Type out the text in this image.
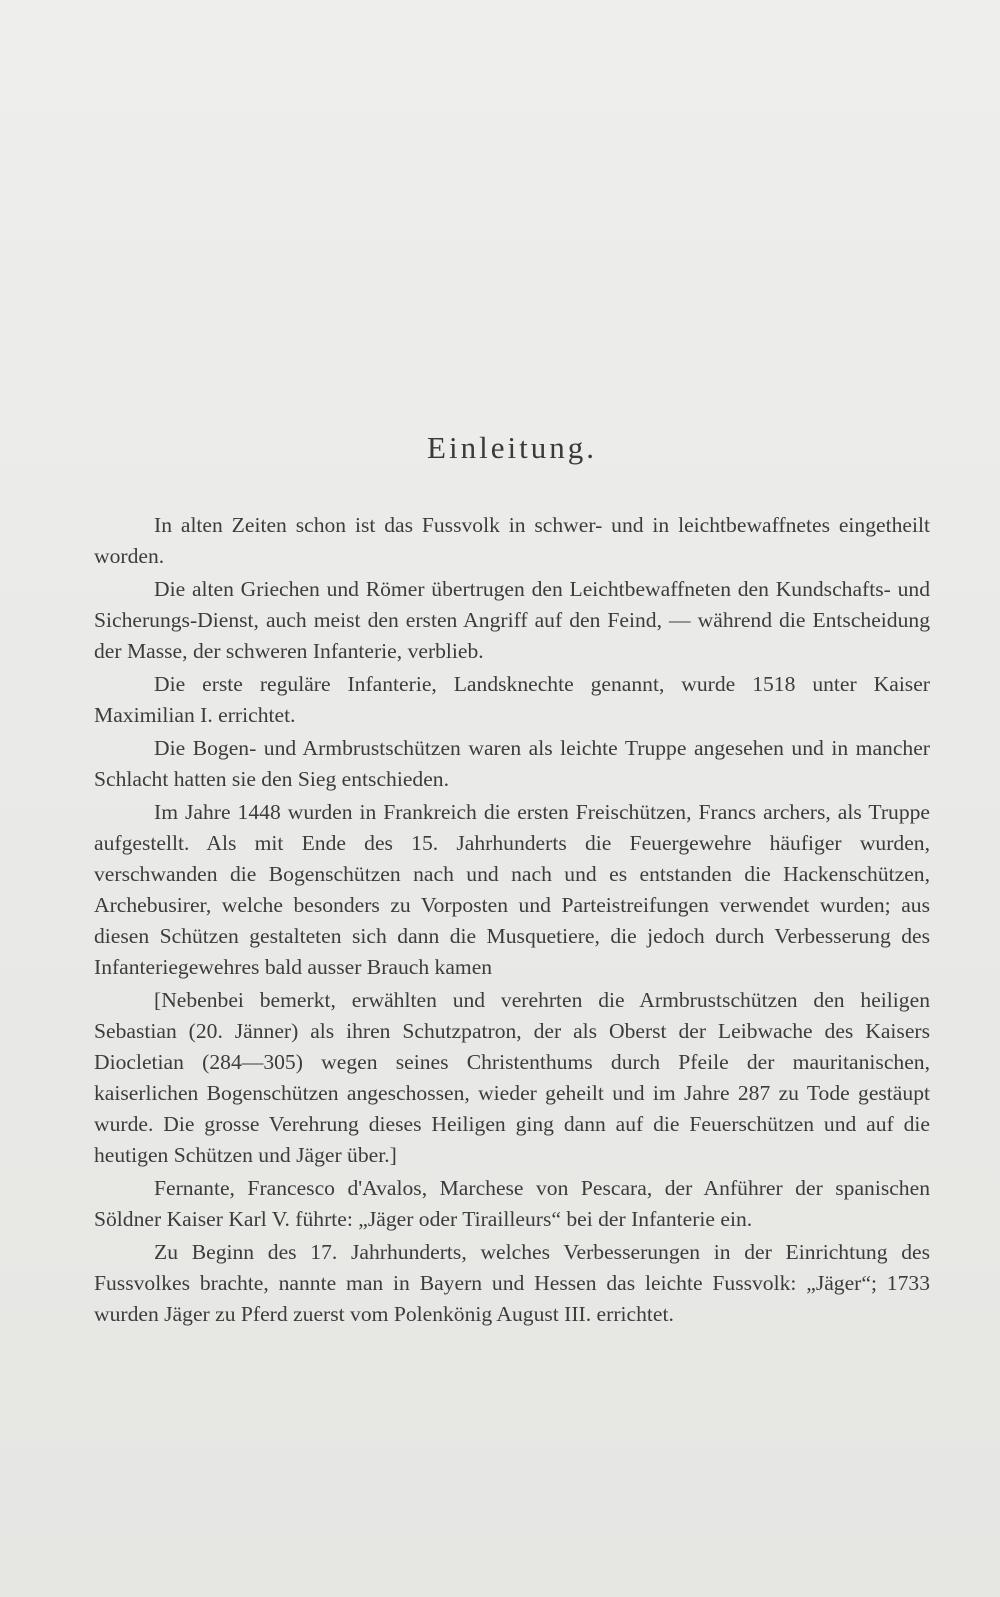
Einleitung.

In alten Zeiten schon ist das Fussvolk in schwer- und in leichtbewaffnetes eingetheilt worden.

Die alten Griechen und Römer übertrugen den Leichtbewaffneten den Kundschafts- und Sicherungs-Dienst, auch meist den ersten Angriff auf den Feind, — während die Entscheidung der Masse, der schweren Infanterie, verblieb.

Die erste reguläre Infanterie, Landsknechte genannt, wurde 1518 unter Kaiser Maximilian I. errichtet.

Die Bogen- und Armbrustschützen waren als leichte Truppe angesehen und in mancher Schlacht hatten sie den Sieg entschieden.

Im Jahre 1448 wurden in Frankreich die ersten Freischützen, Francs archers, als Truppe aufgestellt. Als mit Ende des 15. Jahrhunderts die Feuergewehre häufiger wurden, verschwanden die Bogenschützen nach und nach und es entstanden die Hackenschützen, Archebusirer, welche besonders zu Vorposten und Parteistreifungen verwendet wurden; aus diesen Schützen gestalteten sich dann die Musquetiere, die jedoch durch Verbesserung des Infanteriegewehres bald ausser Brauch kamen

[Nebenbei bemerkt, erwählten und verehrten die Armbrustschützen den heiligen Sebastian (20. Jänner) als ihren Schutzpatron, der als Oberst der Leibwache des Kaisers Diocletian (284—305) wegen seines Christenthums durch Pfeile der mauritanischen, kaiserlichen Bogenschützen angeschossen, wieder geheilt und im Jahre 287 zu Tode gestäupt wurde. Die grosse Verehrung dieses Heiligen ging dann auf die Feuerschützen und auf die heutigen Schützen und Jäger über.]

Fernante, Francesco d'Avalos, Marchese von Pescara, der Anführer der spanischen Söldner Kaiser Karl V. führte: „Jäger oder Tirailleurs“ bei der Infanterie ein.

Zu Beginn des 17. Jahrhunderts, welches Verbesserungen in der Einrichtung des Fussvolkes brachte, nannte man in Bayern und Hessen das leichte Fussvolk: „Jäger“; 1733 wurden Jäger zu Pferd zuerst vom Polenkönig August III. errichtet.
